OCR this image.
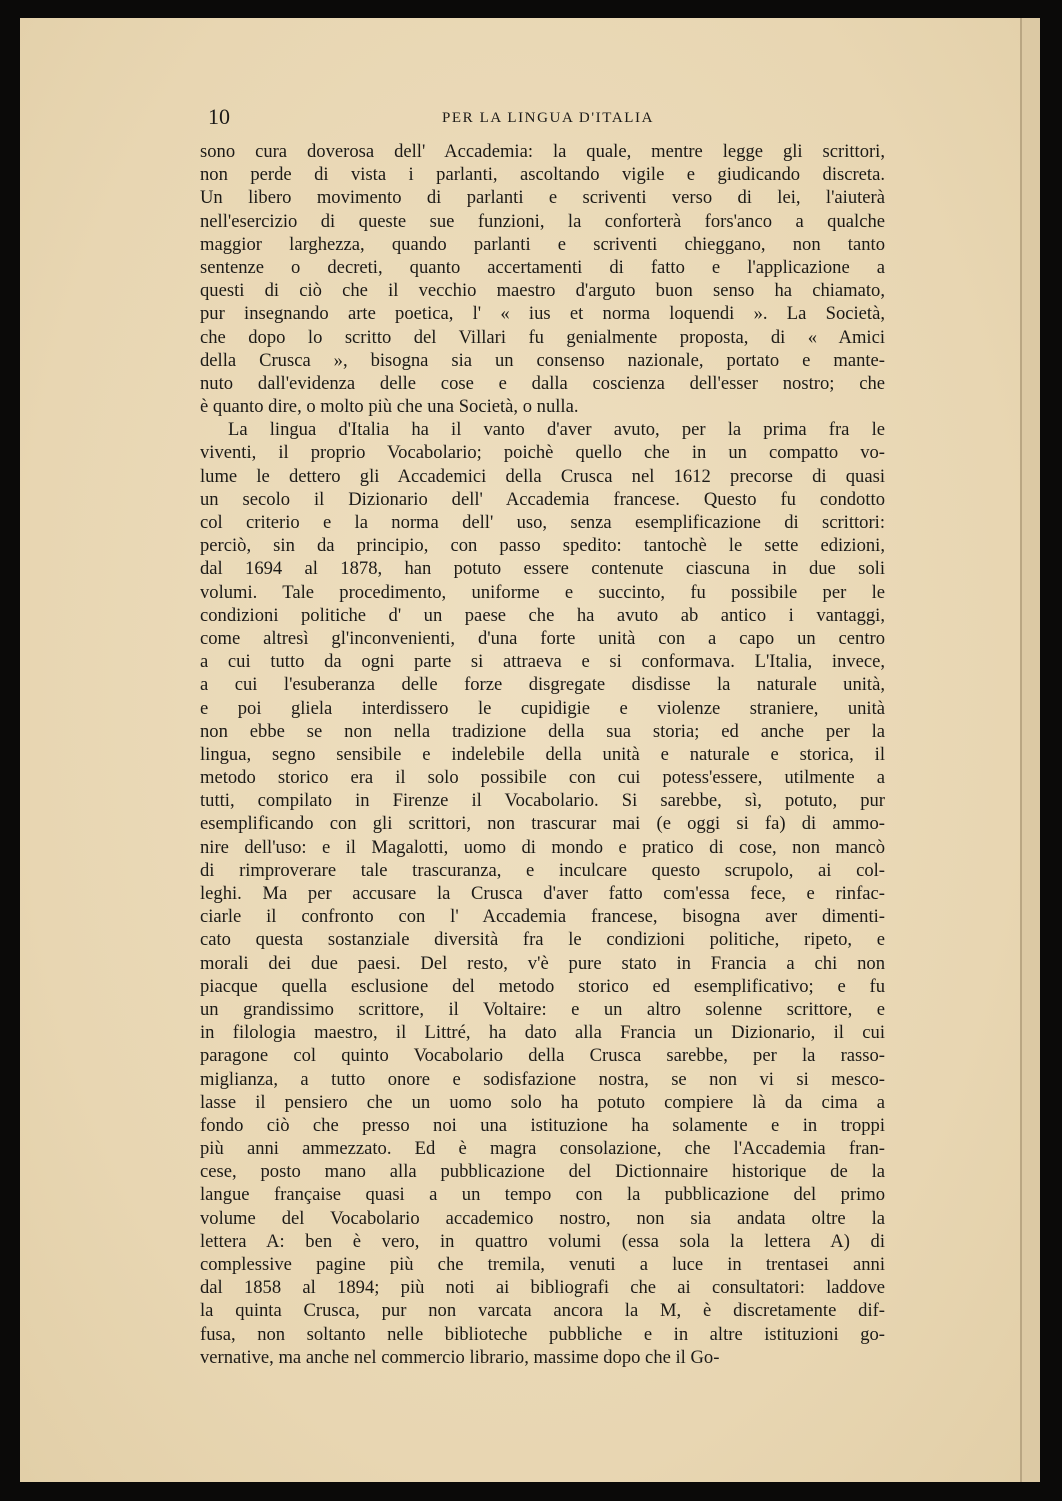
10	PER LA LINGUA D'ITALIA
sono cura doverosa dell' Accademia: la quale, mentre legge gli scrittori,
non perde di vista i parlanti, ascoltando vigile e giudicando discreta.
Un libero movimento di parlanti e scriventi verso di lei, l'aiuterà
nell'esercizio di queste sue funzioni, la conforterà fors'anco a qualche
maggior larghezza, quando parlanti e scriventi chieggano, non tanto
sentenze o decreti, quanto accertamenti di fatto e l'applicazione a
questi di ciò che il vecchio maestro d'arguto buon senso ha chiamato,
pur insegnando arte poetica, l' « ius et norma loquendi ». La Società,
che dopo lo scritto del Villari fu genialmente proposta, di « Amici
della Crusca », bisogna sia un consenso nazionale, portato e mante-
nuto dall'evidenza delle cose e dalla coscienza dell'esser nostro; che
è quanto dire, o molto più che una Società, o nulla.
La lingua d'Italia ha il vanto d'aver avuto, per la prima fra le
viventi, il proprio Vocabolario; poichè quello che in un compatto vo-
lume le dettero gli Accademici della Crusca nel 1612 precorse di quasi
un secolo il Dizionario dell' Accademia francese. Questo fu condotto
col criterio e la norma dell' uso, senza esemplificazione di scrittori:
perciò, sin da principio, con passo spedito: tantochè le sette edizioni,
dal 1694 al 1878, han potuto essere contenute ciascuna in due soli
volumi. Tale procedimento, uniforme e succinto, fu possibile per le
condizioni politiche d' un paese che ha avuto ab antico i vantaggi,
come altresì gl'inconvenienti, d'una forte unità con a capo un centro
a cui tutto da ogni parte si attraeva e si conformava. L'Italia, invece,
a cui l'esuberanza delle forze disgregate disdisse la naturale unità,
e poi gliela interdissero le cupidigie e violenze straniere, unità
non ebbe se non nella tradizione della sua storia; ed anche per la
lingua, segno sensibile e indelebile della unità e naturale e storica, il
metodo storico era il solo possibile con cui potess'essere, utilmente a
tutti, compilato in Firenze il Vocabolario. Si sarebbe, sì, potuto, pur
esemplificando con gli scrittori, non trascurar mai (e oggi si fa) di ammo-
nire dell'uso: e il Magalotti, uomo di mondo e pratico di cose, non mancò
di rimproverare tale trascuranza, e inculcare questo scrupolo, ai col-
leghi. Ma per accusare la Crusca d'aver fatto com'essa fece, e rinfac-
ciarle il confronto con l' Accademia francese, bisogna aver dimenti-
cato questa sostanziale diversità fra le condizioni politiche, ripeto, e
morali dei due paesi. Del resto, v'è pure stato in Francia a chi non
piacque quella esclusione del metodo storico ed esemplificativo; e fu
un grandissimo scrittore, il Voltaire: e un altro solenne scrittore, e
in filologia maestro, il Littré, ha dato alla Francia un Dizionario, il cui
paragone col quinto Vocabolario della Crusca sarebbe, per la rasso-
miglianza, a tutto onore e sodisfazione nostra, se non vi si mesco-
lasse il pensiero che un uomo solo ha potuto compiere là da cima a
fondo ciò che presso noi una istituzione ha solamente e in troppi
più anni ammezzato. Ed è magra consolazione, che l'Accademia fran-
cese, posto mano alla pubblicazione del Dictionnaire historique de la
langue française quasi a un tempo con la pubblicazione del primo
volume del Vocabolario accademico nostro, non sia andata oltre la
lettera A: ben è vero, in quattro volumi (essa sola la lettera A) di
complessive pagine più che tremila, venuti a luce in trentasei anni
dal 1858 al 1894; più noti ai bibliografi che ai consultatori: laddove
la quinta Crusca, pur non varcata ancora la M, è discretamente dif-
fusa, non soltanto nelle biblioteche pubbliche e in altre istituzioni go-
vernative, ma anche nel commercio librario, massime dopo che il Go-
